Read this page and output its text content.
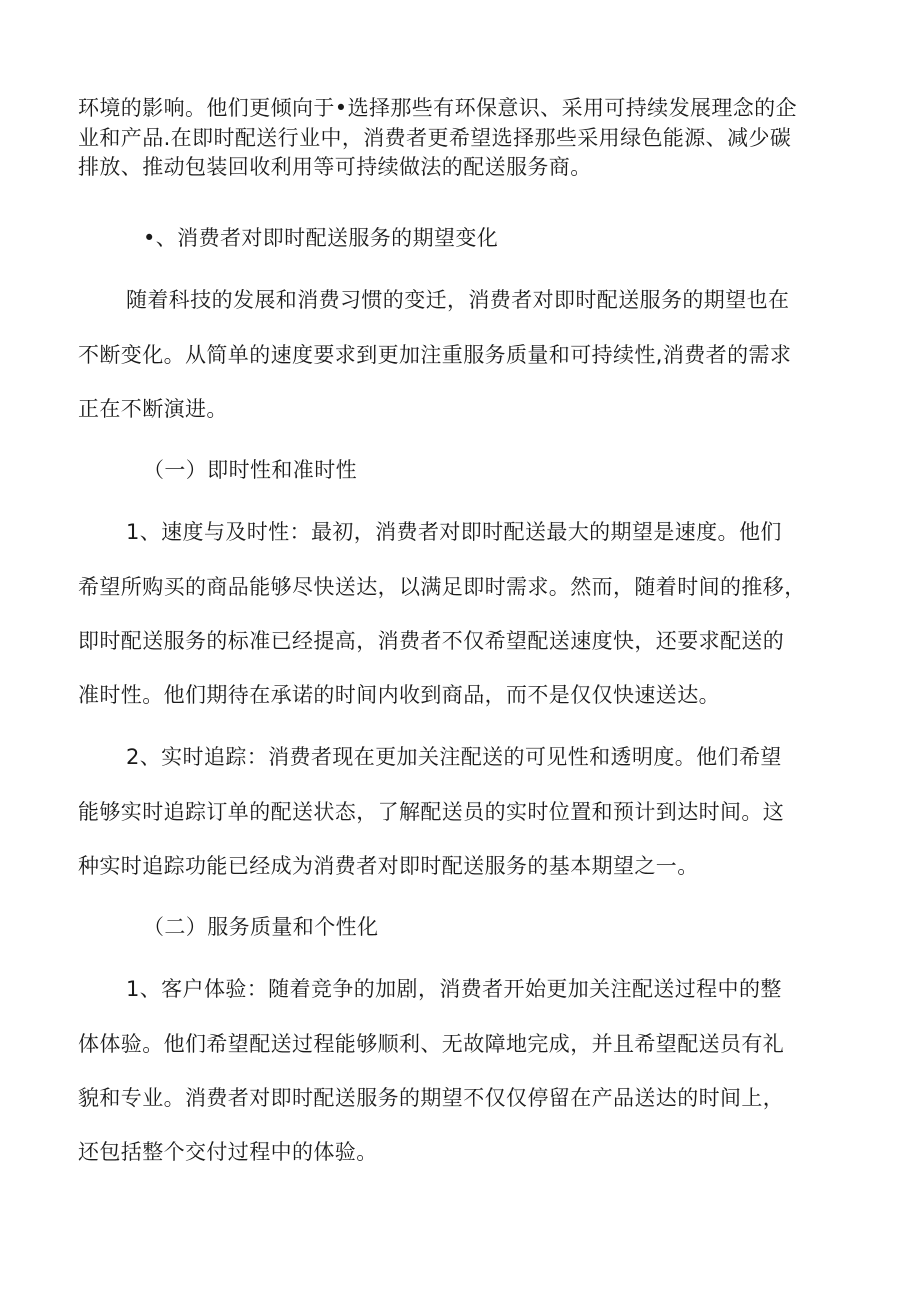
环境的影响。他们更倾向于•选择那些有环保意识、采用可持续发展理念的企
业和产品.在即时配送行业中，消费者更希望选择那些采用绿色能源、减少碳
排放、推动包装回收利用等可持续做法的配送服务商。
•、消费者对即时配送服务的期望变化
随着科技的发展和消费习惯的变迁，消费者对即时配送服务的期望也在
不断变化。从简单的速度要求到更加注重服务质量和可持续性,消费者的需求
正在不断演进。
（一）即时性和准时性
1、速度与及时性：最初，消费者对即时配送最大的期望是速度。他们
希望所购买的商品能够尽快送达，以满足即时需求。然而，随着时间的推移，
即时配送服务的标准已经提高，消费者不仅希望配送速度快，还要求配送的
准时性。他们期待在承诺的时间内收到商品，而不是仅仅快速送达。
2、实时追踪：消费者现在更加关注配送的可见性和透明度。他们希望
能够实时追踪订单的配送状态，了解配送员的实时位置和预计到达时间。这
种实时追踪功能已经成为消费者对即时配送服务的基本期望之一。
（二）服务质量和个性化
1、客户体验：随着竞争的加剧，消费者开始更加关注配送过程中的整
体体验。他们希望配送过程能够顺利、无故障地完成，并且希望配送员有礼
貌和专业。消费者对即时配送服务的期望不仅仅停留在产品送达的时间上，
还包括整个交付过程中的体验。
